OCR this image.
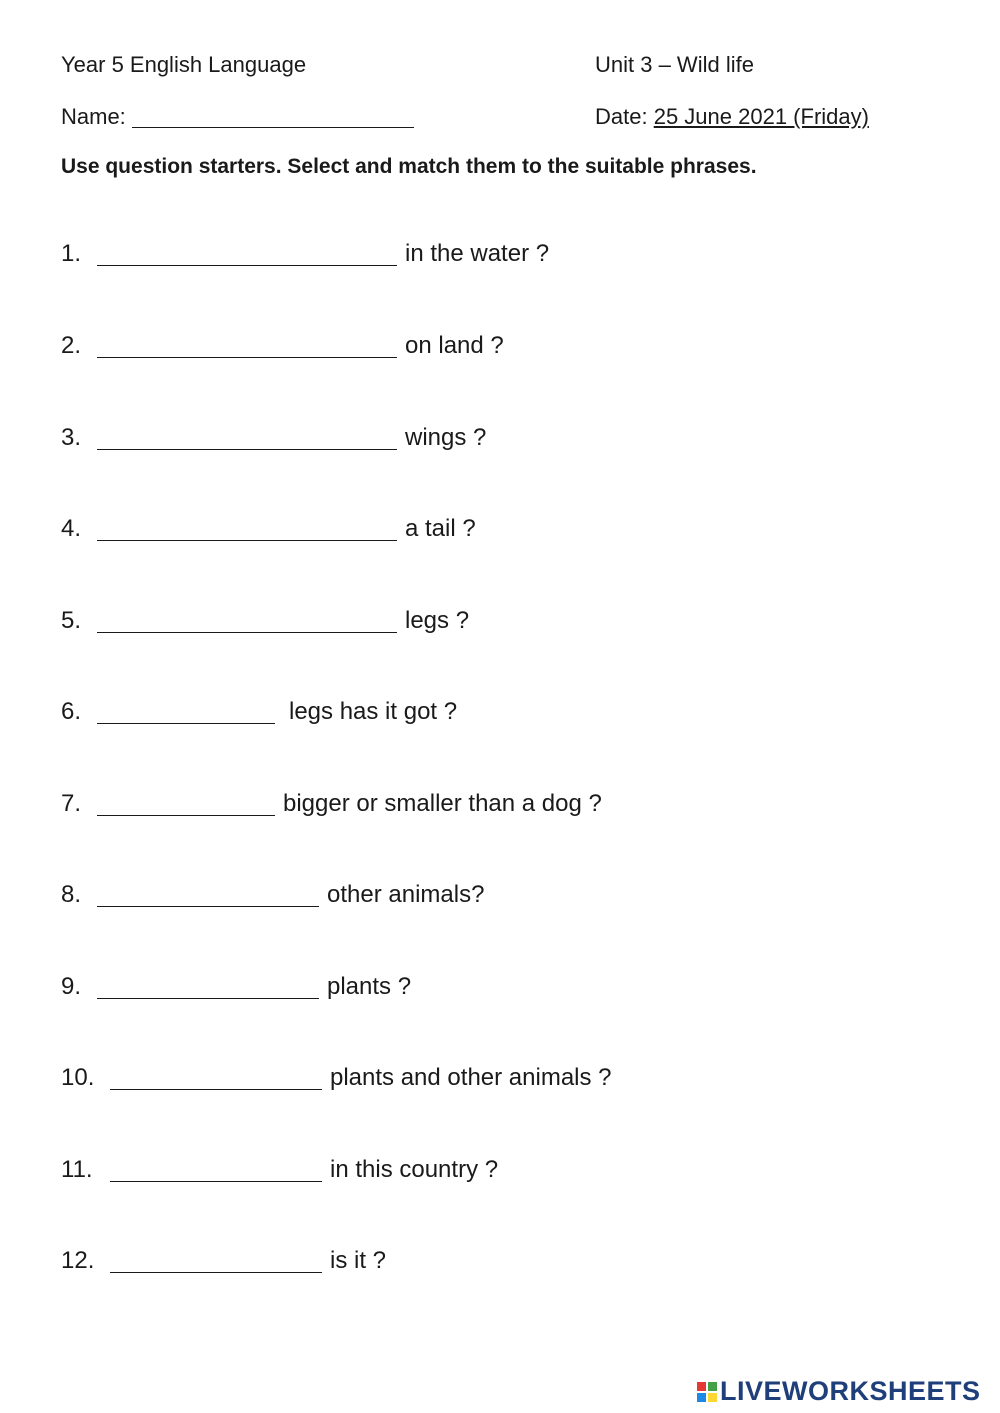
Year 5 English Language	Unit 3 – Wild life
Name:	Date: 25 June 2021 (Friday)
Use question starters. Select and match them to the suitable phrases.
1.	in the water ?
2.	on land ?
3.	wings ?
4.	a tail ?
5.	legs ?
6.	legs has it got ?
7.	bigger or smaller than a dog ?
8.	other animals?
9.	plants ?
10.	plants and other animals ?
11.	in this country ?
12.	is it ?
LIVEWORKSHEETS
